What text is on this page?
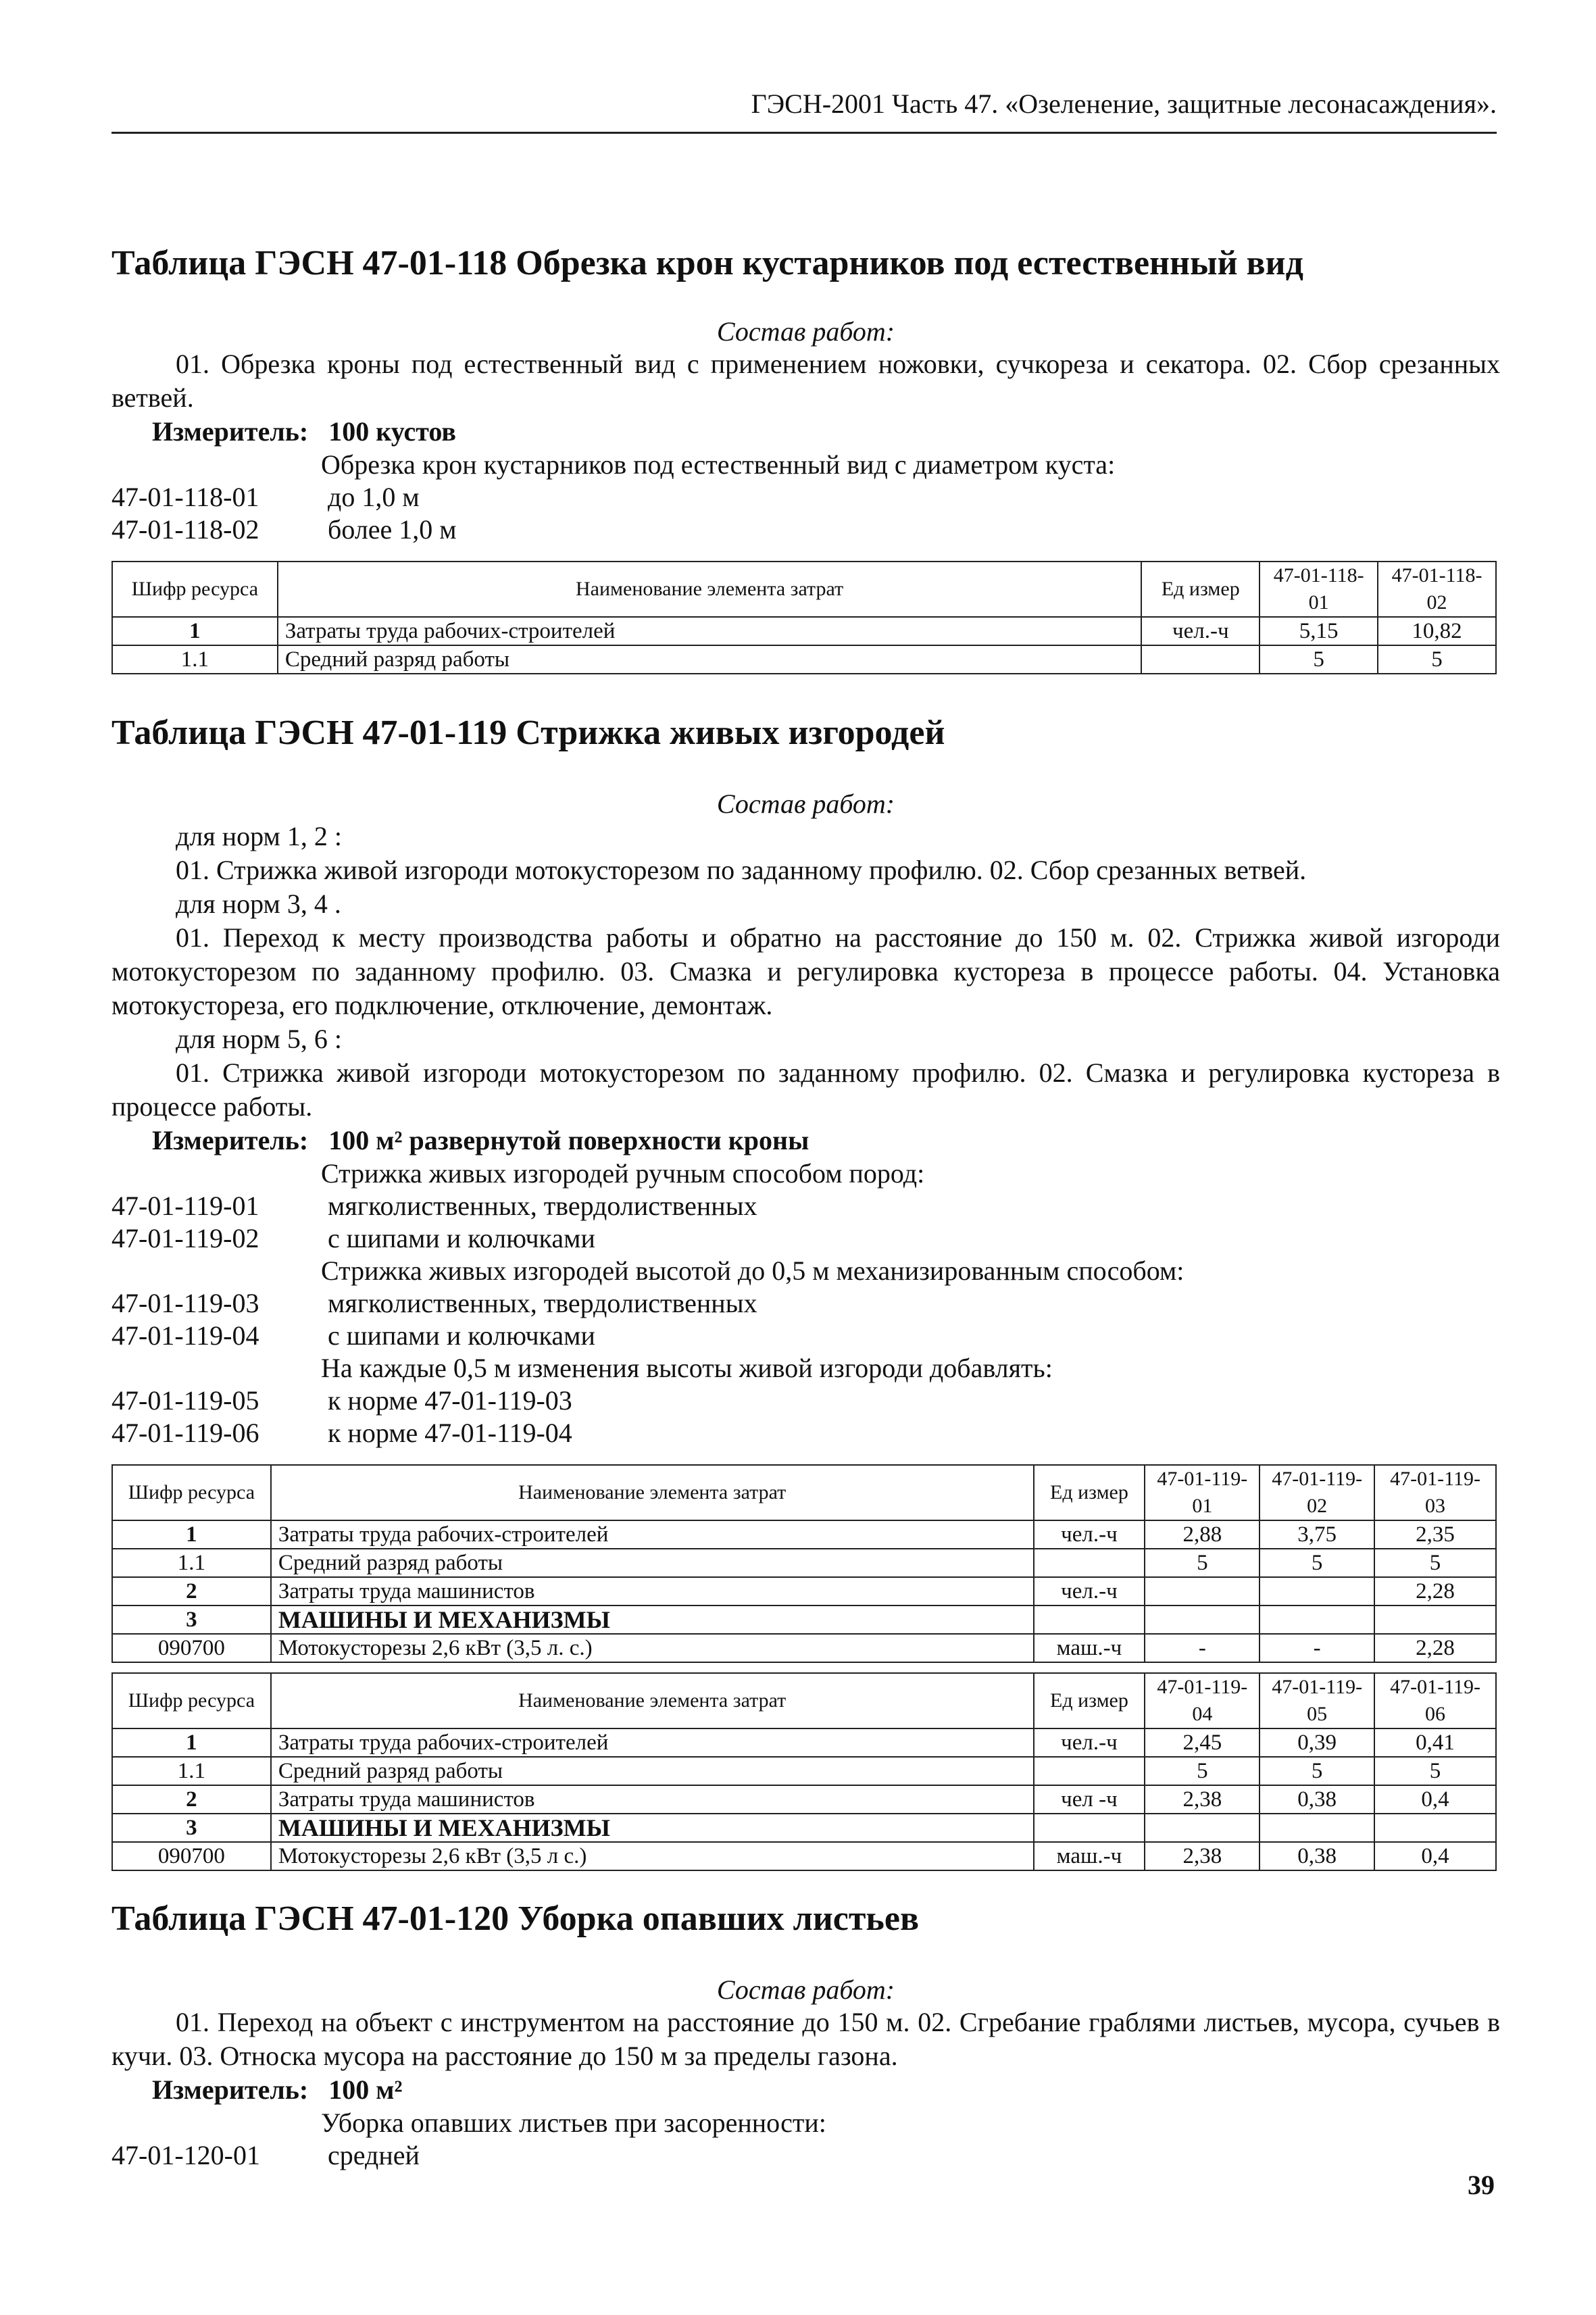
ГЭСН-2001 Часть 47. «Озеленение, защитные лесонасаждения».
Таблица ГЭСН 47-01-118 Обрезка крон кустарников под естественный вид
Состав работ:

01. Обрезка кроны под естественный вид с применением ножовки, сучкореза и секатора. 02. Сбор срезанных ветвей.

Измеритель: 100 кустов

Обрезка крон кустарников под естественный вид с диаметром куста:
47-01-118-01	до 1,0 м
47-01-118-02	более 1,0 м
Шифр ресурса	Наименование элемента затрат	Ед измер	47-01-118-01	47-01-118-02
1	Затраты труда рабочих-строителей	чел.-ч	5,15	10,82
1.1	Средний разряд работы		5	5
Таблица ГЭСН 47-01-119 Стрижка живых изгородей
Состав работ:

для норм 1, 2 :

01. Стрижка живой изгороди мотокусторезом по заданному профилю. 02. Сбор срезанных ветвей.

для норм 3, 4 .

01. Переход к месту производства работы и обратно на расстояние до 150 м. 02. Стрижка живой изгороди мотокусторезом по заданному профилю. 03. Смазка и регулировка кустореза в процессе работы. 04. Установка мотокустореза, его подключение, отключение, демонтаж.

для норм 5, 6 :

01. Стрижка живой изгороди мотокусторезом по заданному профилю. 02. Смазка и регулировка кустореза в процессе работы.

Измеритель: 100 м² развернутой поверхности кроны

Стрижка живых изгородей ручным способом пород:
47-01-119-01	мягколиственных, твердолиственных
47-01-119-02	с шипами и колючками
Стрижка живых изгородей высотой до 0,5 м механизированным способом:
47-01-119-03	мягколиственных, твердолиственных
47-01-119-04	с шипами и колючками
На каждые 0,5 м изменения высоты живой изгороди добавлять:
47-01-119-05	к норме 47-01-119-03
47-01-119-06	к норме 47-01-119-04
Шифр ресурса	Наименование элемента затрат	Ед измер	47-01-119-01	47-01-119-02	47-01-119-03
1	Затраты труда рабочих-строителей	чел.-ч	2,88	3,75	2,35
1.1	Средний разряд работы		5	5	5
2	Затраты труда машинистов	чел.-ч			2,28
3	МАШИНЫ И МЕХАНИЗМЫ				
090700	Мотокусторезы 2,6 кВт (3,5 л. с.)	маш.-ч	-	-	2,28
Шифр ресурса	Наименование элемента затрат	Ед измер	47-01-119-04	47-01-119-05	47-01-119-06
1	Затраты труда рабочих-строителей	чел.-ч	2,45	0,39	0,41
1.1	Средний разряд работы		5	5	5
2	Затраты труда машинистов	чел -ч	2,38	0,38	0,4
3	МАШИНЫ И МЕХАНИЗМЫ				
090700	Мотокусторезы 2,6 кВт (3,5 л с.)	маш.-ч	2,38	0,38	0,4
Таблица ГЭСН 47-01-120 Уборка опавших листьев
Состав работ:

01. Переход на объект с инструментом на расстояние до 150 м. 02. Сгребание граблями листьев, мусора, сучьев в кучи. 03. Относка мусора на расстояние до 150 м за пределы газона.

Измеритель: 100 м²

Уборка опавших листьев при засоренности:
47-01-120-01	средней
39
